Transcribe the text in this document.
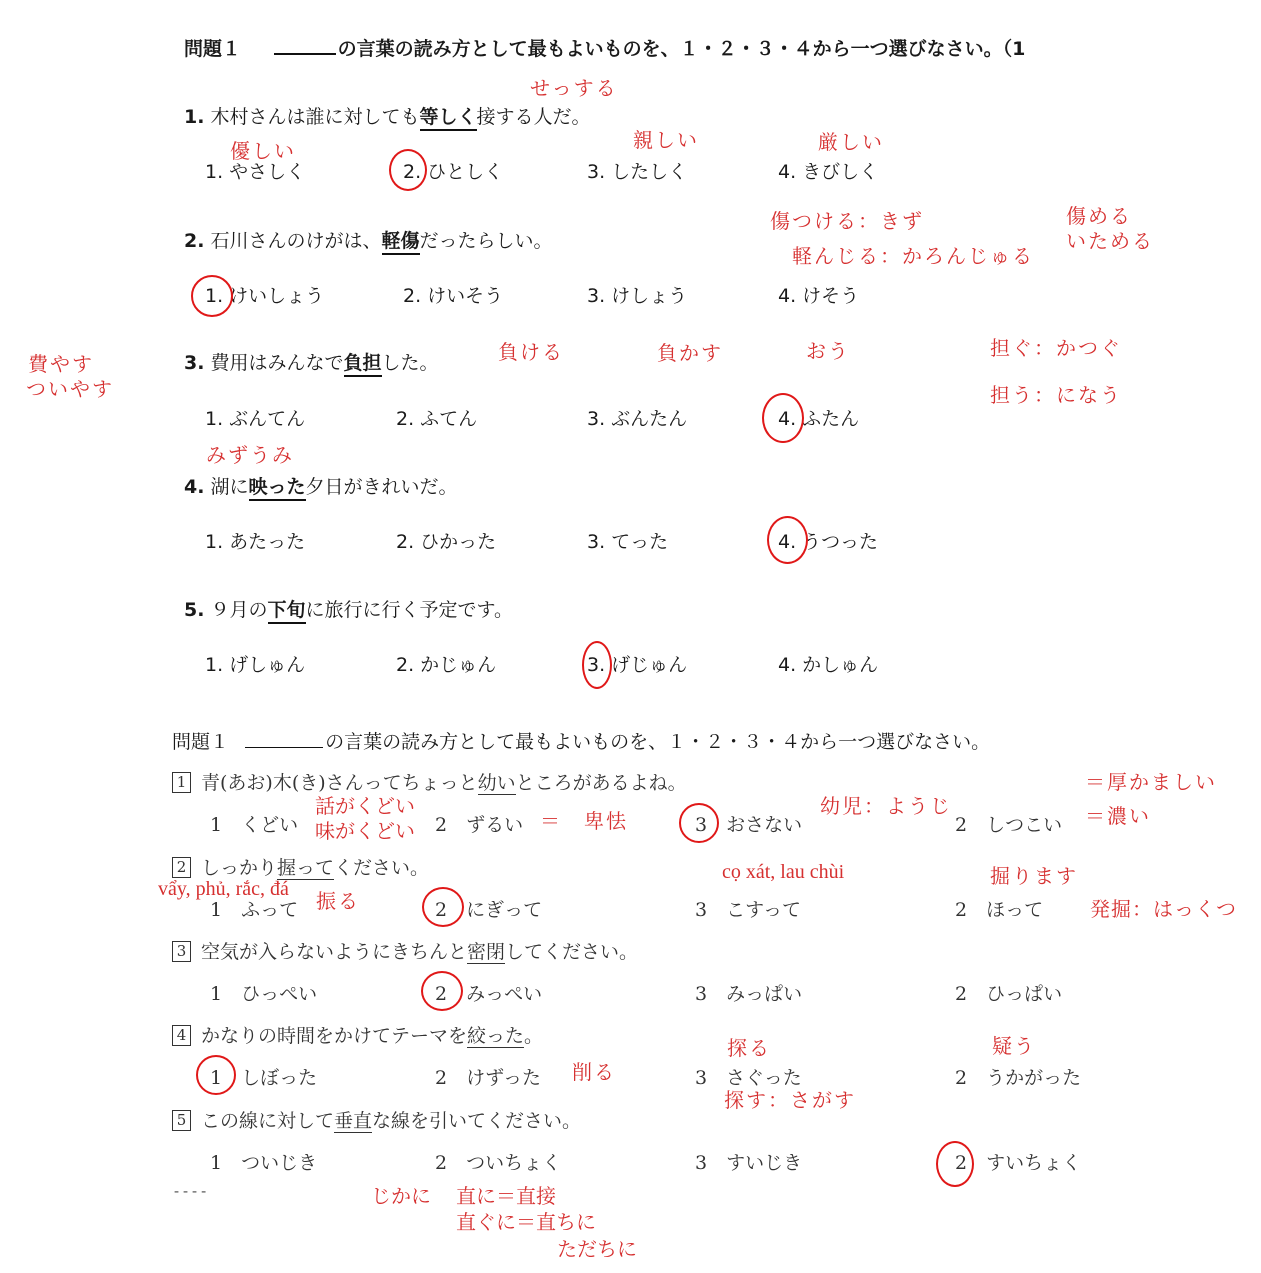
問題１	の言葉の読み方として最もよいものを、１・２・３・４から一つ選びなさい。（1
1. 木村さんは誰に対しても等しく接する人だ。
1. やさしく	2. ひとしく	3. したしく	4. きびしく
2. 石川さんのけがは、軽傷だったらしい。
1. けいしょう	2. けいそう	3. けしょう	4. けそう
3. 費用はみんなで負担した。
1. ぶんてん	2. ふてん	3. ぶんたん	4. ふたん
4. 湖に映った夕日がきれいだ。
1. あたった	2. ひかった	3. てった	4. うつった
5. ９月の下旬に旅行に行く予定です。
1. げしゅん	2. かじゅん	3. げじゅん	4. かしゅん
問題１	の言葉の読み方として最もよいものを、１・２・３・４から一つ選びなさい。
1 青(あお)木(き)さんってちょっと幼いところがあるよね。
1　くどい	2　ずるい	3　おさない	2　しつこい
2 しっかり握ってください。
1　ふって	2　にぎって	3　こすって	2　ほって
3 空気が入らないようにきちんと密閉してください。
1　ひっぺい	2　みっぺい	3　みっぱい	2　ひっぱい
4 かなりの時間をかけてテーマを絞った。
1　しぼった	2　けずった	3　さぐった	2　うかがった
5 この線に対して垂直な線を引いてください。
1　ついじき	2　ついちょく	3　すいじき	2　すいちょく
----
せっする
優しい	親しい	厳しい
傷つける：きず
軽んじる：かろんじゅる
傷める
いためる
費やす
ついやす
負ける	負かす	おう	担ぐ：かつぐ
担う：になう
みずうみ
話がくどい
味がくどい	＝　卑怯
幼児：ようじ
＝厚かましい
＝濃い
vẩy, phủ, rắc, đá 振る
cọ xát, lau chùi	掘ります
発掘：はっくつ
探る
探す：さがす
疑う
削る
じかに 直に＝直接
直ぐに＝直ちに
ただちに
